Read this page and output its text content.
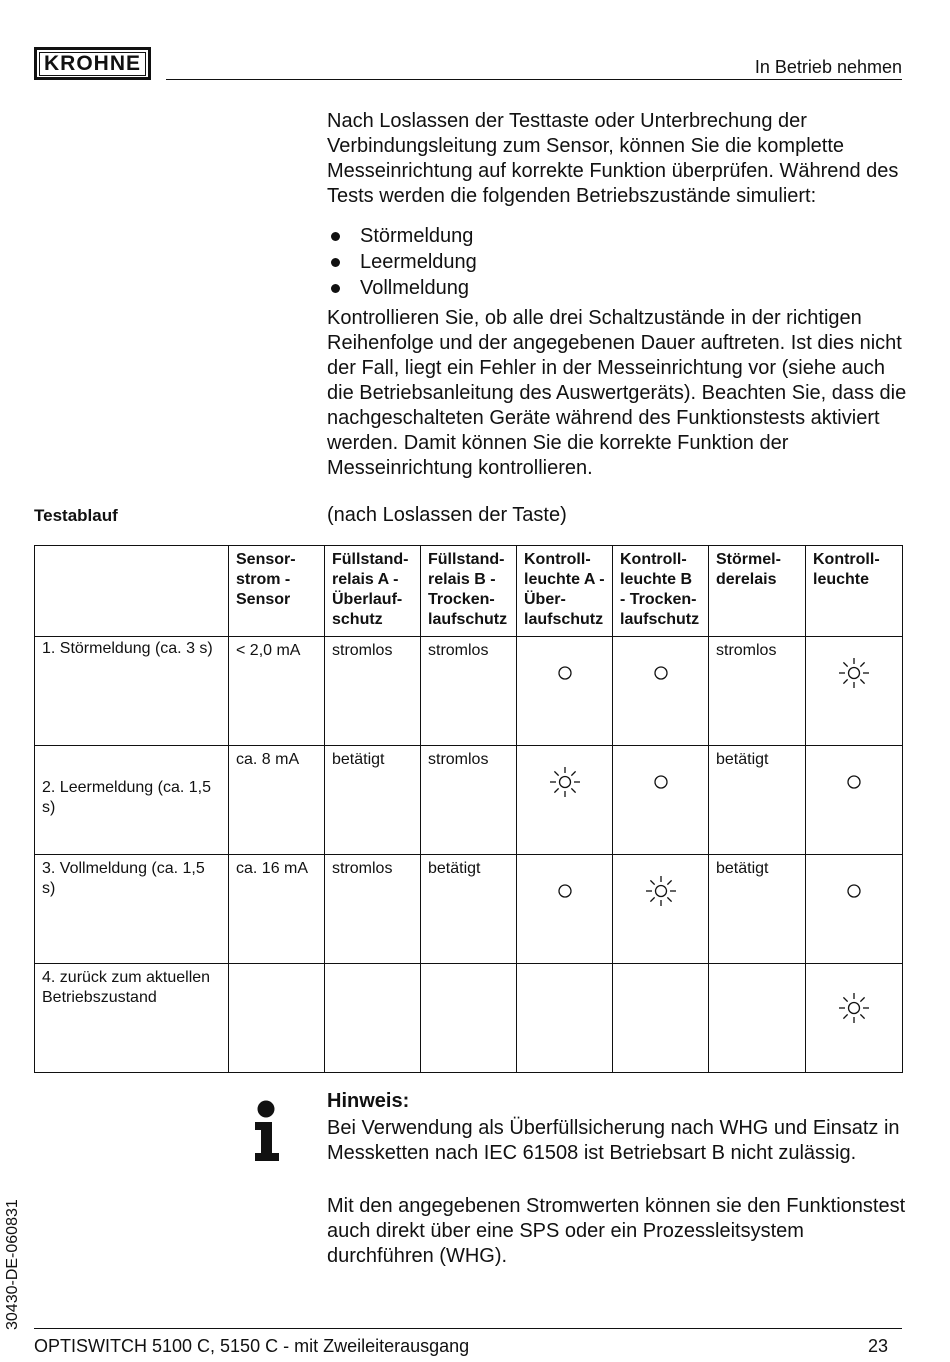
KROHNE	In Betrieb nehmen
Nach Loslassen der Testtaste oder Unterbrechung der Verbindungsleitung zum Sensor, können Sie die komplette Messeinrichtung auf korrekte Funktion überprüfen. Während des Tests werden die folgenden Betriebszustände simuliert:
Störmeldung
Leermeldung
Vollmeldung
Kontrollieren Sie, ob alle drei Schaltzustände in der richtigen Reihenfolge und der angegebenen Dauer auftreten. Ist dies nicht der Fall, liegt ein Fehler in der Messeinrichtung vor (siehe auch die Betriebsanleitung des Auswertgeräts). Beachten Sie, dass die nachgeschalteten Geräte während des Funktionstests aktiviert werden. Damit können Sie die korrekte Funktion der Messeinrichtung kontrollieren.
Testablauf	(nach Loslassen der Taste)
	Sensor-strom - Sensor	Füllstand-relais A - Überlauf-schutz	Füllstand-relais B - Trocken-laufschutz	Kontroll-leuchte A - Über-laufschutz	Kontroll-leuchte B - Trocken-laufschutz	Störmel-derelais	Kontroll-leuchte
1. Störmeldung (ca. 3 s)	< 2,0 mA	stromlos	stromlos			stromlos	

2. Leermeldung (ca. 1,5 s)	ca. 8 mA	betätigt	stromlos			betätigt	

3. Vollmeldung (ca. 1,5 s)	ca. 16 mA	stromlos	betätigt			betätigt	

4. zurück zum aktuellen Betriebszustand				

Hinweis:
Bei Verwendung als Überfüllsicherung nach WHG und Einsatz in Messketten nach IEC 61508 ist Betriebsart B nicht zulässig.
Mit den angegebenen Stromwerten können sie den Funktionstest auch direkt über eine SPS oder ein Prozessleitsystem durchführen (WHG).
30430-DE-060831
OPTISWITCH 5100 C, 5150 C - mit Zweileiterausgang	23
